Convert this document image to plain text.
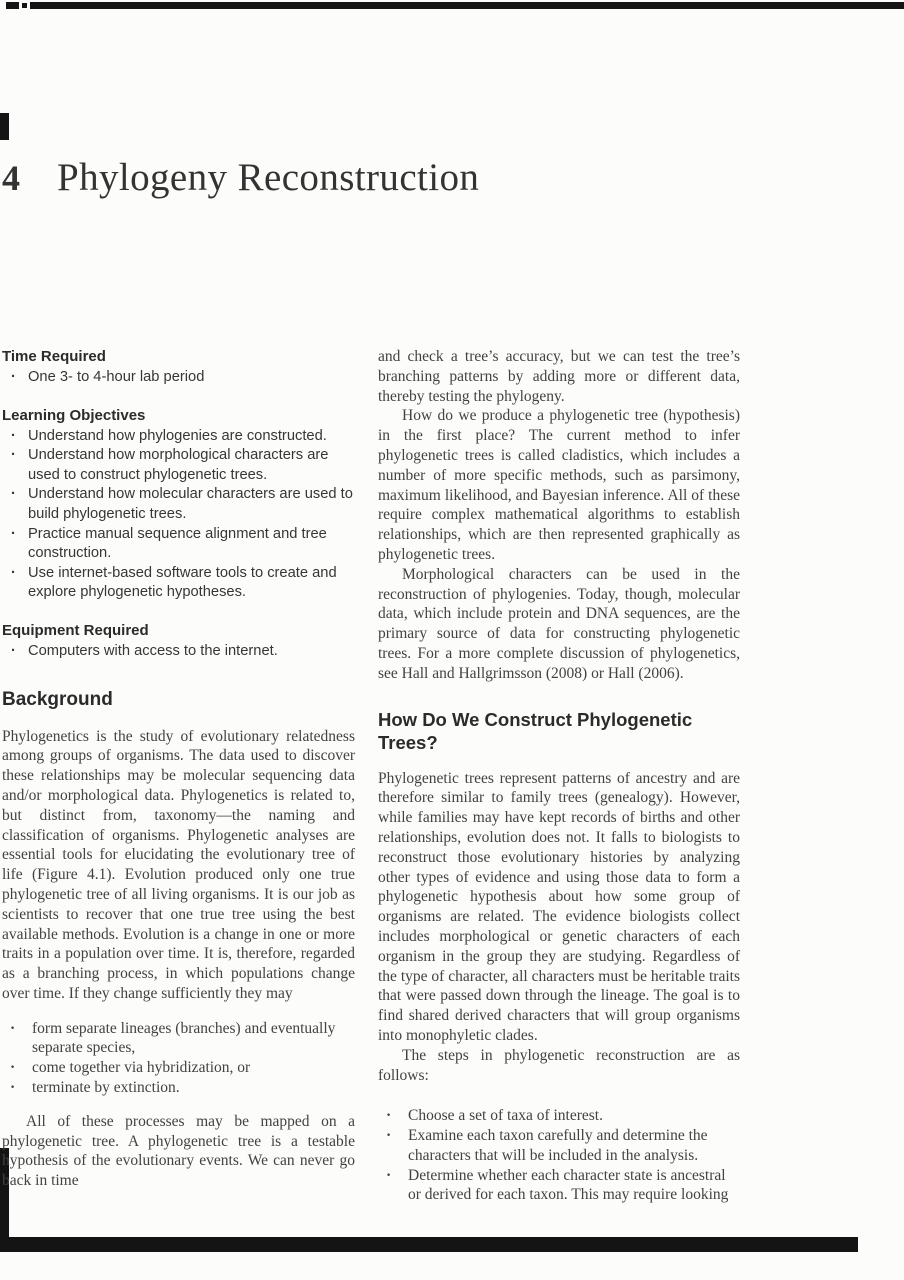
4 Phylogeny Reconstruction
Time Required
· One 3- to 4-hour lab period
Learning Objectives
· Understand how phylogenies are constructed.
· Understand how morphological characters are used to construct phylogenetic trees.
· Understand how molecular characters are used to build phylogenetic trees.
· Practice manual sequence alignment and tree construction.
· Use internet-based software tools to create and explore phylogenetic hypotheses.
Equipment Required
· Computers with access to the internet.
Background

Phylogenetics is the study of evolutionary relatedness among groups of organisms. The data used to discover these relationships may be molecular sequencing data and/or morphological data. Phylogenetics is related to, but distinct from, taxonomy—the naming and classification of organisms. Phylogenetic analyses are essential tools for elucidating the evolutionary tree of life (Figure 4.1). Evolution produced only one true phylogenetic tree of all living organisms. It is our job as scientists to recover that one true tree using the best available methods. Evolution is a change in one or more traits in a population over time. It is, therefore, regarded as a branching process, in which populations change over time. If they change sufficiently they may

· form separate lineages (branches) and eventually separate species,
· come together via hybridization, or
· terminate by extinction.

All of these processes may be mapped on a phylogenetic tree. A phylogenetic tree is a testable hypothesis of the evolutionary events. We can never go back in time

and check a tree’s accuracy, but we can test the tree’s branching patterns by adding more or different data, thereby testing the phylogeny.

How do we produce a phylogenetic tree (hypothesis) in the first place? The current method to infer phylogenetic trees is called cladistics, which includes a number of more specific methods, such as parsimony, maximum likelihood, and Bayesian inference. All of these require complex mathematical algorithms to establish relationships, which are then represented graphically as phylogenetic trees.

Morphological characters can be used in the reconstruction of phylogenies. Today, though, molecular data, which include protein and DNA sequences, are the primary source of data for constructing phylogenetic trees. For a more complete discussion of phylogenetics, see Hall and Hallgrimsson (2008) or Hall (2006).

How Do We Construct Phylogenetic Trees?

Phylogenetic trees represent patterns of ancestry and are therefore similar to family trees (genealogy). However, while families may have kept records of births and other relationships, evolution does not. It falls to biologists to reconstruct those evolutionary histories by analyzing other types of evidence and using those data to form a phylogenetic hypothesis about how some group of organisms are related. The evidence biologists collect includes morphological or genetic characters of each organism in the group they are studying. Regardless of the type of character, all characters must be heritable traits that were passed down through the lineage. The goal is to find shared derived characters that will group organisms into monophyletic clades.

The steps in phylogenetic reconstruction are as follows:

· Choose a set of taxa of interest.
· Examine each taxon carefully and determine the characters that will be included in the analysis.
· Determine whether each character state is ancestral or derived for each taxon. This may require looking
